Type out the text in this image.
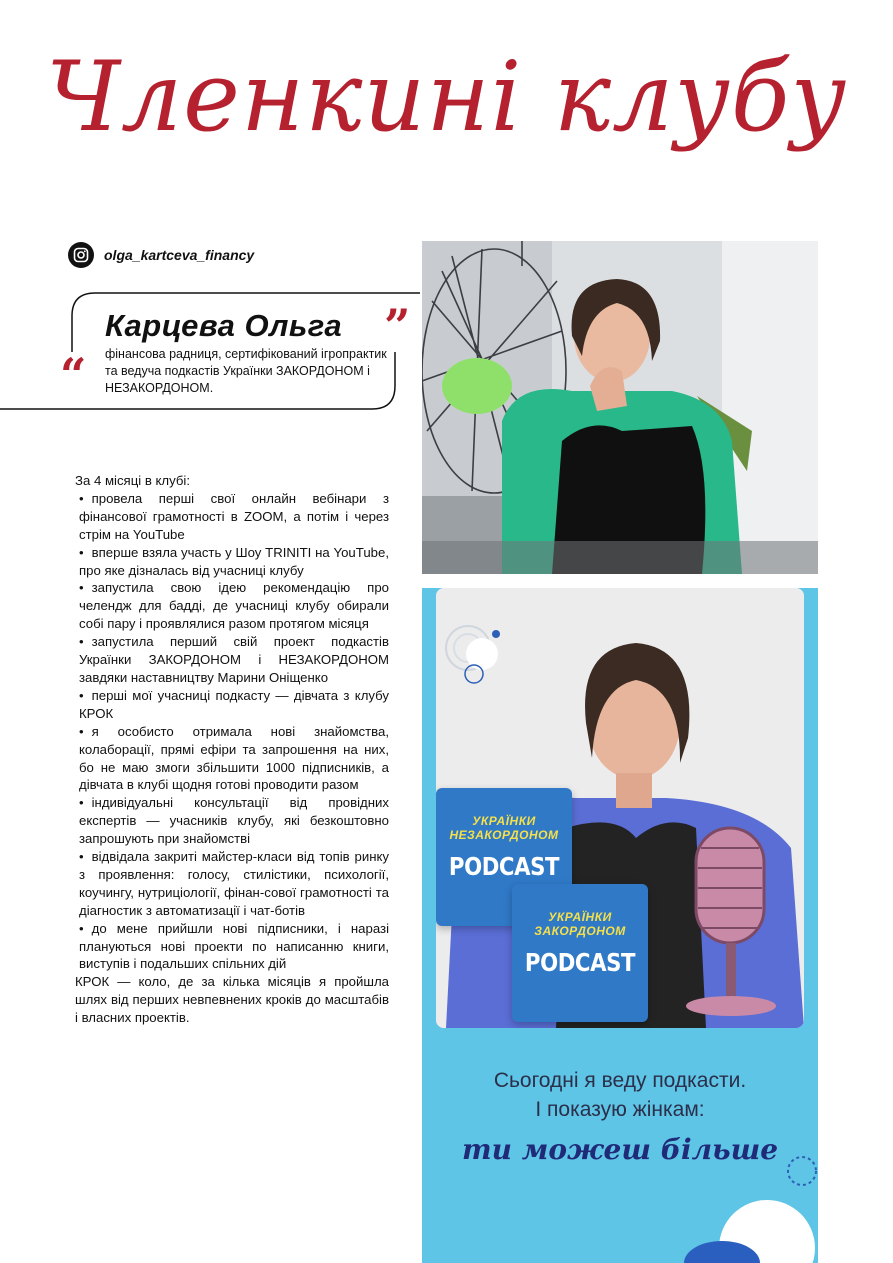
Членкині клубу
olga_kartceva_financy
Карцева Ольга ”
“ фінансова радниця, сертифікований ігропрактик та ведуча подкастів Українки ЗАКОРДОНОМ і НЕЗАКОРДОНОМ.

За 4 місяці в клубі:

• провела перші свої онлайн вебінари з фінансової грамотності в ZOOM, а потім і через стрім на YouTube

• вперше взяла участь у Шоу TRINITI на YouTube, про яке дізналась від учасниці клубу

• запустила свою ідею рекомендацію про челендж для бадді, де учасниці клубу обирали собі пару і проявлялися разом протягом місяця

• запустила перший свій проект подкастів Українки ЗАКОРДОНОМ і НЕЗАКОРДОНОМ завдяки наставництву Марини Оніщенко

• перші мої учасниці подкасту — дівчата з клубу КРОК

• я особисто отримала нові знайомства, колаборації, прямі ефіри та запрошення на них, бо не маю змоги збільшити 1000 підписників, а дівчата в клубі щодня готові проводити разом

• індивідуальні консультації від провідних експертів — учасників клубу, які безкоштовно запрошують при знайомстві

• відвідала закриті майстер-класи від топів ринку з проявлення: голосу, стилістики, психології, коучингу, нутриціології, фінан-сової грамотності та діагностик з автоматизації і чат-ботів

• до мене прийшли нові підписники, і наразі плануються нові проекти по написанню книги, виступів і подальших спільних дій

КРОК — коло, де за кілька місяців я пройшла шлях від перших невпевнених кроків до масштабів і власних проектів.

УКРАЇНКИ
НЕЗАКОРДОНОМ
PODCAST
УКРАЇНКИ
ЗАКОРДОНОМ
PODCAST
Сьогодні я веду подкасти.
І показую жінкам:
ти можеш більше
